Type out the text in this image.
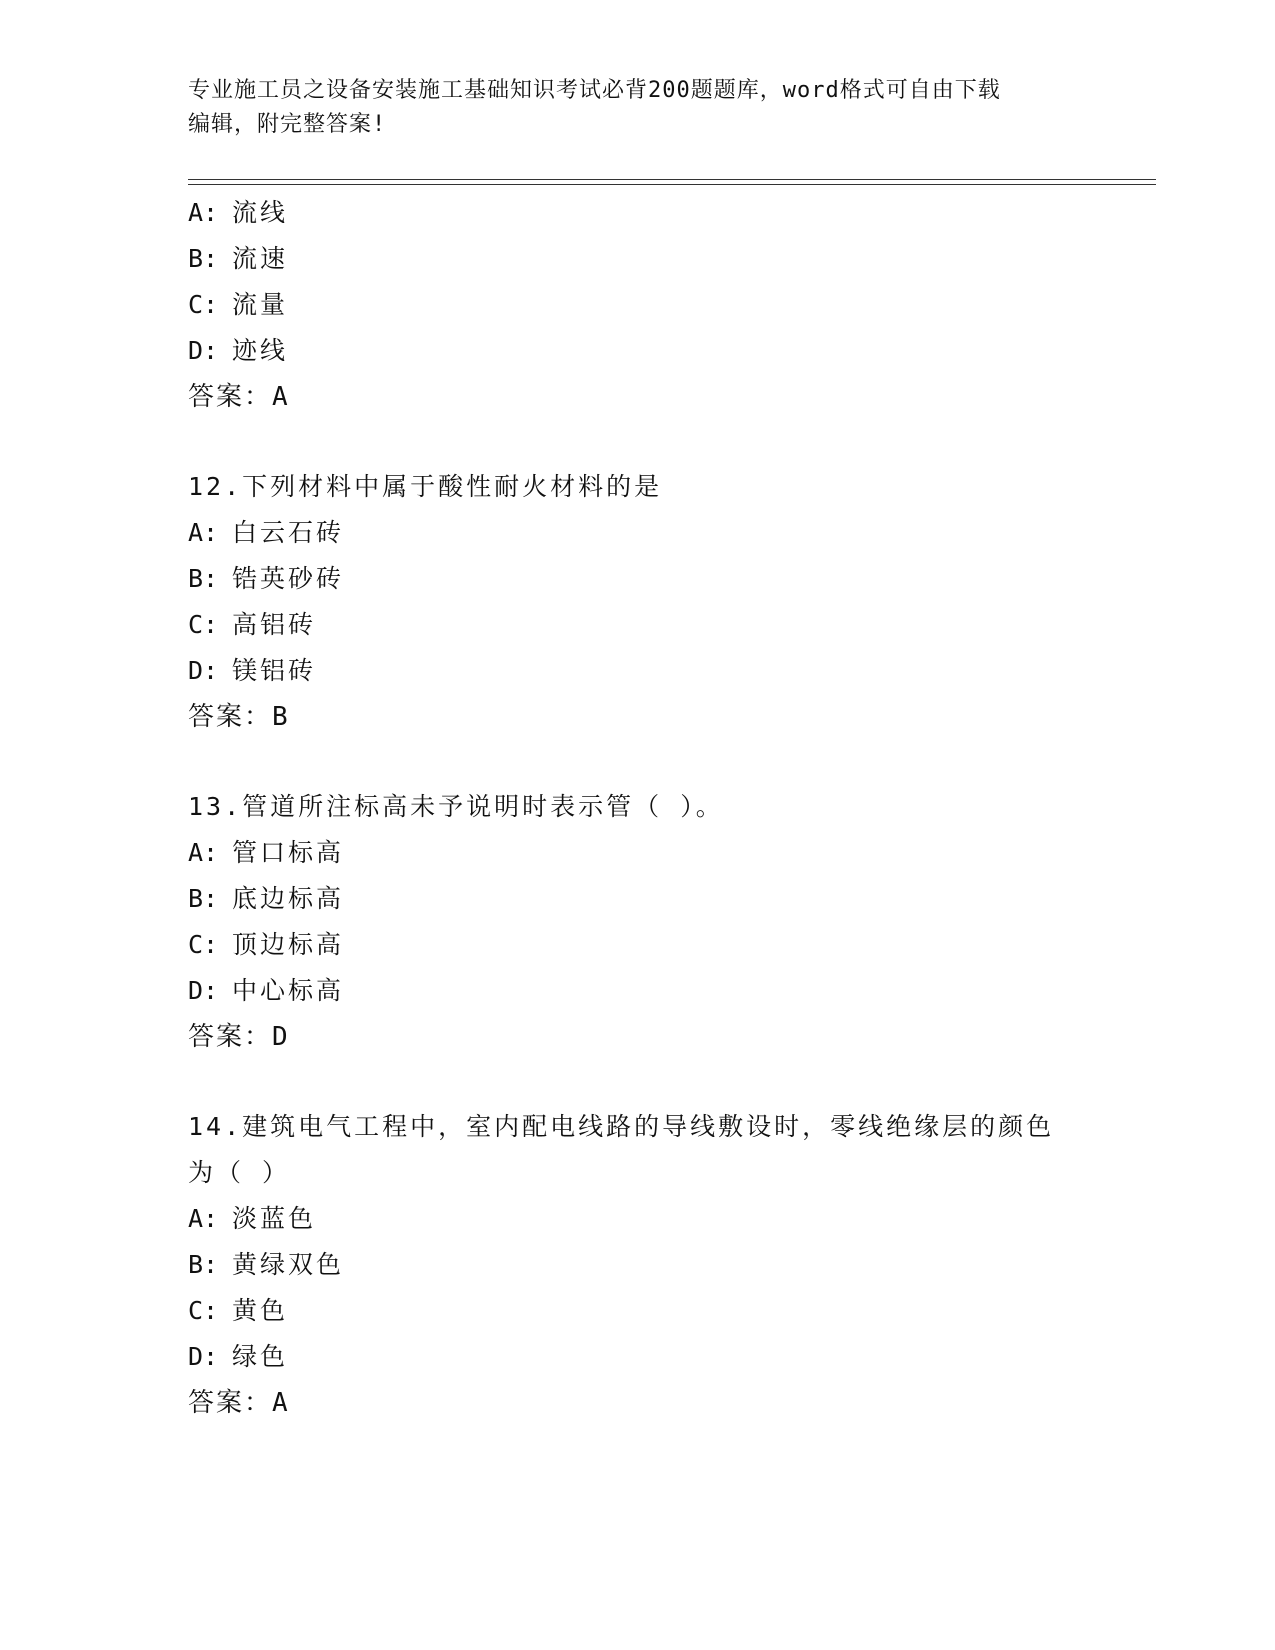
专业施工员之设备安装施工基础知识考试必背200题题库，word格式可自由下载
编辑，附完整答案!
A: 流线
B: 流速
C: 流量
D: 迹线
答案：A
12.下列材料中属于酸性耐火材料的是
A: 白云石砖
B: 锆英砂砖
C: 高铝砖
D: 镁铝砖
答案：B
13.管道所注标高未予说明时表示管（ ）。
A: 管口标高
B: 底边标高
C: 顶边标高
D: 中心标高
答案：D
14.建筑电气工程中，室内配电线路的导线敷设时，零线绝缘层的颜色
为（ ）
A: 淡蓝色
B: 黄绿双色
C: 黄色
D: 绿色
答案：A
